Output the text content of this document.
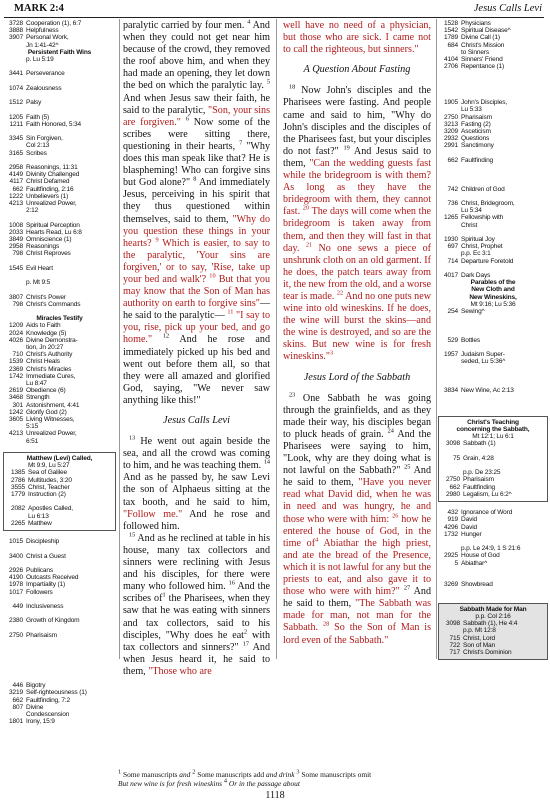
MARK 2:4	Jesus Calls Levi
3728 Cooperation (1), 6:7
3888 Helpfulness
3907 Personal Work,
Jn 1:41-42^
Persistent Faith Wins
p. Lu 5:19
3441 Perseverance
1074 Zealousness
1512 Palsy
1205 Faith (5)
1211 Faith Honored, 5:34
3345 Sin Forgiven,
Col 2:13
3165 Scribes
2958 Reasonings, 11:31
4149 Divinity Challenged
4117 Christ Defamed
662 Faultfinding, 2:16
1222 Unbelievers (1)
4213 Unrealized Power,
2:12
1008 Spiritual Perception
2033 Hearts Read, Lu 6:8
3849 Omniscience (1)
2958 Reasonings
798 Christ Reproves
1545 Evil Heart
p. Mt 9:5
3807 Christ's Power
798 Christ's Commands
Miracles Testify
1209 Aids to Faith
2024 Knowledge (5)
4026 Divine Demonstra-
tion, Jn 20:27
710 Christ's Authority
1539 Christ Heals
2369 Christ's Miracles
1742 Immediate Cures,
Lu 8:47
2619 Obedience (6)
3468 Strength
301 Astonishment, 4:41
1242 Glorify God (2)
3605 Living Witnesses,
5:15
4213 Unrealized Power,
6:51
Matthew (Levi) Called,
Mt 9:9, Lu 5:27
1385 Sea of Galilee
2786 Multitudes, 3:20
3555 Christ, Teacher
1779 Instruction (2)
2082 Apostles Called,
Lu 6:13
2265 Matthew
1015 Discipleship
3400 Christ a Guest
2926 Publicans
4190 Outcasts Received
1978 Impartiality (1)
1017 Followers
449 Inclusiveness
2380 Growth of Kingdom
2750 Pharisaism
446 Bigotry
3219 Self-righteousness (1)
662 Faultfinding, 7:2
807 Divine
Condescension
1801 Irony, 15:9

paralytic carried by four men. $^4$ And when they could not get near him because of the crowd, they removed the roof above him, and when they had made an opening, they let down the bed on which the paralytic lay. $^5$ And when Jesus saw their faith, he said to the paralytic, "Son, your sins are forgiven." $^6$ Now some of the scribes were sitting there, questioning in their hearts, $^7$ "Why does this man speak like that? He is blaspheming! Who can forgive sins but God alone?" $^8$ And immediately Jesus, perceiving in his spirit that they thus questioned within themselves, said to them, "Why do you question these things in your hearts? $^9$ Which is easier, to say to the paralytic, 'Your sins are forgiven,' or to say, 'Rise, take up your bed and walk'? $^{10}$ But that you may know that the Son of Man has authority on earth to forgive sins"—he said to the paralytic— $^{11}$ "I say to you, rise, pick up your bed, and go home." $^{12}$ And he rose and immediately picked up his bed and went out before them all, so that they were all amazed and glorified God, saying, "We never saw anything like this!"

Jesus Calls Levi

$^{13}$ He went out again beside the sea, and all the crowd was coming to him, and he was teaching them. $^{14}$ And as he passed by, he saw Levi the son of Alphaeus sitting at the tax booth, and he said to him, "Follow me." And he rose and followed him.

$^{15}$ And as he reclined at table in his house, many tax collectors and sinners were reclining with Jesus and his disciples, for there were many who followed him. $^{16}$ And the scribes $of^1$ the Pharisees, when they saw that he was eating with sinners and tax collectors, said to his disciples, "Why does he eat$^2$ with tax collectors and sinners?" $^{17}$ And when Jesus heard it, he said to them, "Those who are

well have no need of a physician, but those who are sick. I came not to call the righteous, but sinners."

A Question About Fasting

$^{18}$ Now John's disciples and the Pharisees were fasting. And people came and said to him, "Why do John's disciples and the disciples of the Pharisees fast, but your disciples do not fast?" $^{19}$ And Jesus said to them, "Can the wedding guests fast while the bridegroom is with them? As long as they have the bridegroom with them, they cannot fast. $^{20}$ The days will come when the bridegroom is taken away from them, and then they will fast in that day. $^{21}$ No one sews a piece of unshrunk cloth on an old garment. If he does, the patch tears away from it, the new from the old, and a worse tear is made. $^{22}$ And no one puts new wine into old wineskins. If he does, the wine will burst the skins—and the wine is destroyed, and so are the skins. But new wine is for fresh wineskins."$^3$

Jesus Lord of the Sabbath

$^{23}$ One Sabbath he was going through the grainfields, and as they made their way, his disciples began to pluck heads of grain. $^{24}$ And the Pharisees were saying to him, "Look, why are they doing what is not lawful on the Sabbath?" $^{25}$ And he said to them, "Have you never read what David did, when he was in need and was hungry, he and those who were with him: $^{26}$ how he entered the house of God, in the time $of^4$ Abiathar the high priest, and ate the bread of the Presence, which it is not lawful for any but the priests to eat, and also gave it to those who were with him?" $^{27}$ And he said to them, "The Sabbath was made for man, not man for the Sabbath. $^{28}$ So the Son of Man is lord even of the Sabbath."

1528 Physicians
1542 Spiritual Disease^
1789 Divine Call (1)
684 Christ's Mission
to Sinners
4104 Sinners' Friend
2706 Repentance (1)
1905 John's Disciples,
Lu 5:33
2750 Pharisaism
3213 Fasting (2)
3209 Asceticism
2932 Questions
2991 Sanctimony
662 Faultfinding
742 Children of God
736 Christ, Bridegroom,
Lu 5:34
1265 Fellowship with
Christ
1930 Spiritual Joy
697 Christ, Prophet
p.p. Ec 3:1
714 Departure Foretold
4017 Dark Days
Parables of the
New Cloth and
New Wineskins,
Mt 9:16; Lu 5:36
254 Sewing^
529 Bottles
1957 Judaism Super-
seded, Lu 5:36^
3834 New Wine, Ac 2:13
Christ's Teaching
concerning the Sabbath,
Mt 12:1; Lu 6:1
3098 Sabbath (1)
75 Grain, 4:28
p.p. De 23:25
2750 Pharisaism
662 Faultfinding
2980 Legalism, Lu 6:2^
432 Ignorance of Word
919 David
4296 David
1732 Hunger
p.p. Le 24:9, 1 S 21:6
2925 House of God
5 Abiathar^
3269 Showbread
Sabbath Made for Man
p.p. Col 2:16
3098 Sabbath (1), He 4:4
p.p. Mt 12:8
715 Christ, Lord
722 Son of Man
717 Christ's Dominion
$^1$ Some manuscripts and $^2$ Some manuscripts add and drink $^3$ Some manuscripts omit
But new wine is for fresh wineskins $^4$ Or in the passage about
1118
